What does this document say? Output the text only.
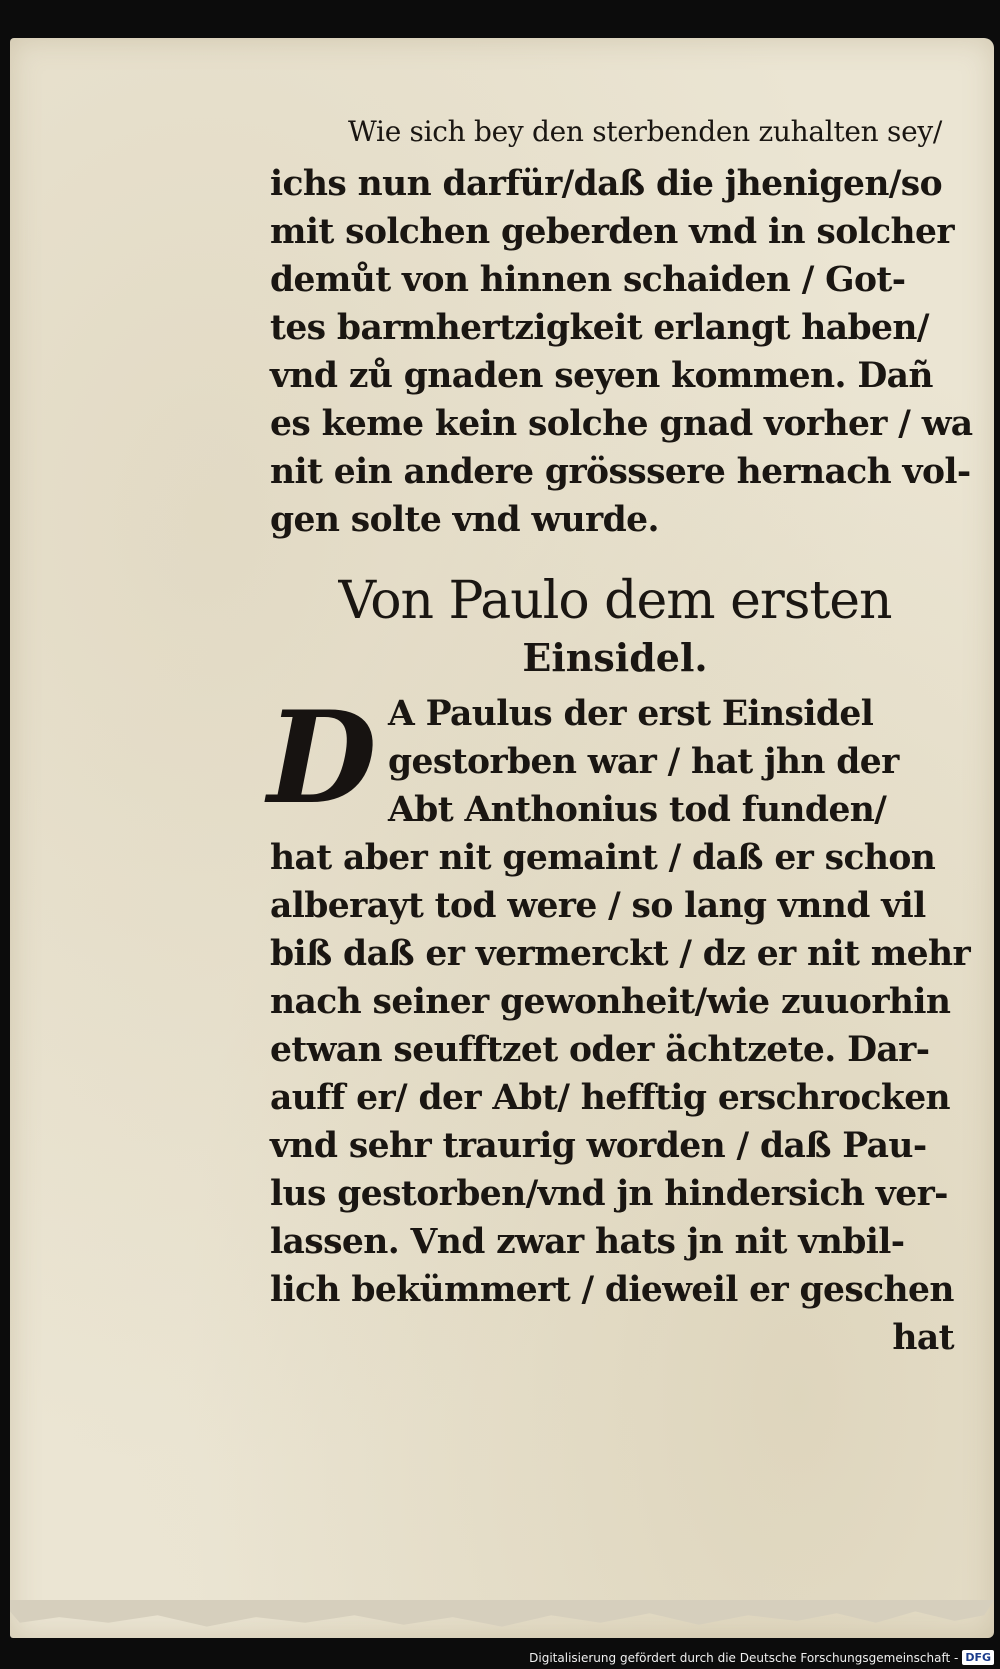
Wie sich bey den sterbenden zuhalten sey/
ichs nun darfür/daß die jhenigen/so
mit solchen geberden vnd in solcher
demůt von hinnen schaiden / Got-
tes barmhertzigkeit erlangt haben/
vnd zů gnaden seyen kommen. Dañ
es keme kein solche gnad vorher / wa
nit ein andere grösssere hernach vol-
gen solte vnd wurde.
Von Paulo dem ersten
Einsidel.
D A Paulus der erst Einsidel
gestorben war / hat jhn der
Abt Anthonius tod funden/
hat aber nit gemaint / daß er schon
alberayt tod were / so lang vnnd vil
biß daß er vermerckt / dz er nit mehr
nach seiner gewonheit/wie zuuorhin
etwan seufftzet oder ächtzete. Dar-
auff er/ der Abt/ hefftig erschrocken
vnd sehr traurig worden / daß Pau-
lus gestorben/vnd jn hindersich ver-
lassen. Vnd zwar hats jn nit vnbil-
lich bekümmert / dieweil er geschen
hat
Digitalisierung gefördert durch die Deutsche Forschungsgemeinschaft - DFG
